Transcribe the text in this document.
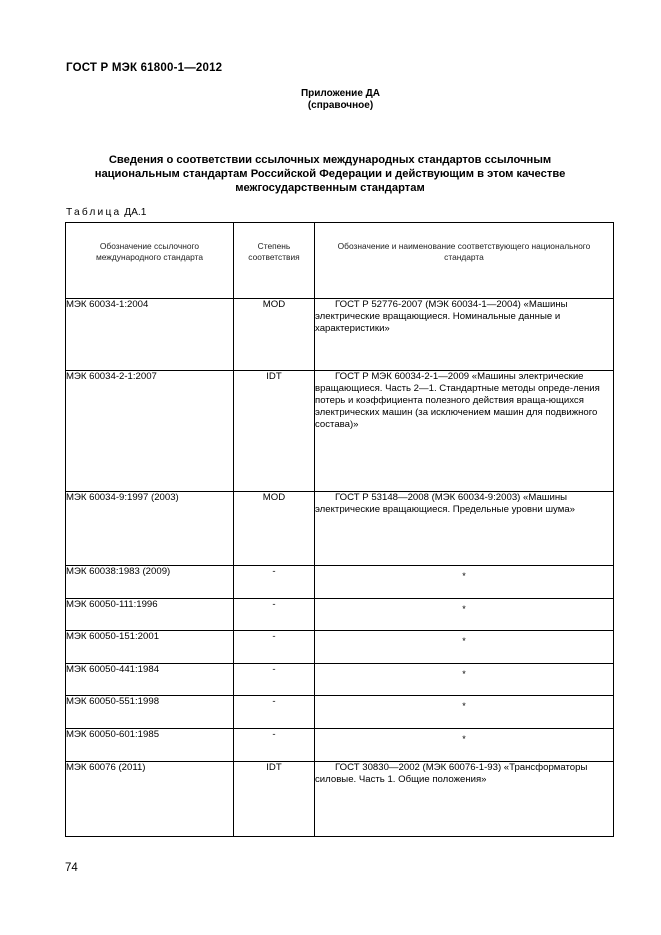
ГОСТ Р МЭК 61800-1—2012
Приложение ДА
(справочное)
Сведения о соответствии ссылочных международных стандартов ссылочным
национальным стандартам Российской Федерации и действующим в этом качестве
межгосударственным стандартам
Таблица ДА.1
Обозначение ссылочного международного стандарта	Степень соответствия	Обозначение и наименование соответствующего национального стандарта
МЭК 60034-1:2004	MOD	ГОСТ Р 52776-2007 (МЭК 60034-1—2004) «Машины электрические вращающиеся. Номинальные данные и характеристики»
МЭК 60034-2-1:2007	IDT	ГОСТ Р МЭК 60034-2-1—2009 «Машины электрические вращающиеся. Часть 2—1. Стандартные методы опреде-ления потерь и коэффициента полезного действия враща-ющихся электрических машин (за исключением машин для подвижного состава)»
МЭК 60034-9:1997 (2003)	MOD	ГОСТ Р 53148—2008 (МЭК 60034-9:2003) «Машины электрические вращающиеся. Предельные уровни шума»
МЭК 60038:1983 (2009)	-	*
МЭК 60050-111:1996	-	*
МЭК 60050-151:2001	-	*
МЭК 60050-441:1984	-	*
МЭК 60050-551:1998	-	*
МЭК 60050-601:1985	-	*
МЭК 60076 (2011)	IDT	ГОСТ 30830—2002 (МЭК 60076-1-93) «Трансформаторы силовые. Часть 1. Общие положения»
74
